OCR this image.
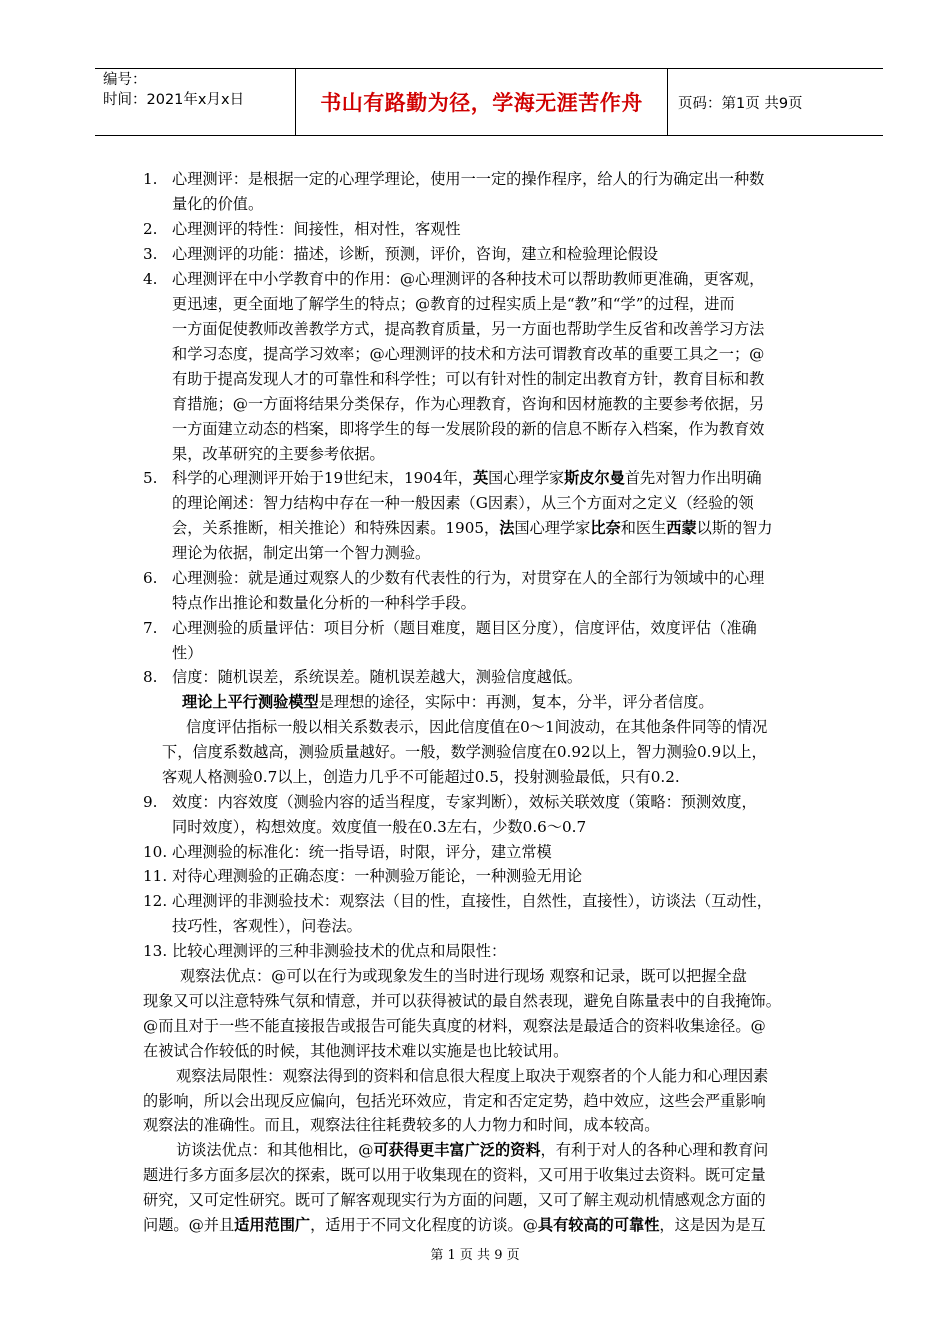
编号：
时间：2021年x月x日	书山有路勤为径，学海无涯苦作舟	页码：第1页 共9页
1. 心理测评：是根据一定的心理学理论，使用一一定的操作程序，给人的行为确定出一种数
量化的价值。
2. 心理测评的特性：间接性，相对性，客观性
3. 心理测评的功能：描述，诊断，预测，评价，咨询，建立和检验理论假设
4. 心理测评在中小学教育中的作用：@心理测评的各种技术可以帮助教师更准确，更客观，
更迅速，更全面地了解学生的特点；@教育的过程实质上是“教”和“学”的过程，进而
一方面促使教师改善教学方式，提高教育质量，另一方面也帮助学生反省和改善学习方法
和学习态度，提高学习效率；@心理测评的技术和方法可谓教育改革的重要工具之一；@
有助于提高发现人才的可靠性和科学性；可以有针对性的制定出教育方针，教育目标和教
育措施；@一方面将结果分类保存，作为心理教育，咨询和因材施教的主要参考依据，另
一方面建立动态的档案，即将学生的每一发展阶段的新的信息不断存入档案，作为教育效
果，改革研究的主要参考依据。
5. 科学的心理测评开始于19世纪末，1904年，英国心理学家斯皮尔曼首先对智力作出明确
的理论阐述：智力结构中存在一种一般因素（G因素），从三个方面对之定义（经验的领
会，关系推断，相关推论）和特殊因素。1905，法国心理学家比奈和医生西蒙以斯的智力
理论为依据，制定出第一个智力测验。
6. 心理测验：就是通过观察人的少数有代表性的行为，对贯穿在人的全部行为领域中的心理
特点作出推论和数量化分析的一种科学手段。
7. 心理测验的质量评估：项目分析（题目难度，题目区分度），信度评估，效度评估（准确
性）
8. 信度：随机误差，系统误差。随机误差越大，测验信度越低。
理论上平行测验模型是理想的途径，实际中：再测，复本，分半，评分者信度。
信度评估指标一般以相关系数表示，因此信度值在0～1间波动，在其他条件同等的情况
下，信度系数越高，测验质量越好。一般，数学测验信度在0.92以上，智力测验0.9以上，
客观人格测验0.7以上，创造力几乎不可能超过0.5，投射测验最低，只有0.2.
9. 效度：内容效度（测验内容的适当程度，专家判断），效标关联效度（策略：预测效度，
同时效度），构想效度。效度值一般在0.3左右，少数0.6～0.7
10. 心理测验的标准化：统一指导语，时限，评分，建立常模
11. 对待心理测验的正确态度：一种测验万能论，一种测验无用论
12. 心理测评的非测验技术：观察法（目的性，直接性，自然性，直接性），访谈法（互动性，
技巧性，客观性），问卷法。
13. 比较心理测评的三种非测验技术的优点和局限性：
观察法优点：@可以在行为或现象发生的当时进行现场 观察和记录，既可以把握全盘
现象又可以注意特殊气氛和情意，并可以获得被试的最自然表现，避免自陈量表中的自我掩饰。
@而且对于一些不能直接报告或报告可能失真度的材料，观察法是最适合的资料收集途径。@
在被试合作较低的时候，其他测评技术难以实施是也比较试用。
观察法局限性：观察法得到的资料和信息很大程度上取决于观察者的个人能力和心理因素
的影响，所以会出现反应偏向，包括光环效应，肯定和否定定势，趋中效应，这些会严重影响
观察法的准确性。而且，观察法往往耗费较多的人力物力和时间，成本较高。
访谈法优点：和其他相比，@可获得更丰富广泛的资料，有利于对人的各种心理和教育问
题进行多方面多层次的探索，既可以用于收集现在的资料，又可用于收集过去资料。既可定量
研究，又可定性研究。既可了解客观现实行为方面的问题，又可了解主观动机情感观念方面的
问题。@并且适用范围广，适用于不同文化程度的访谈。@具有较高的可靠性，这是因为是互
第 1 页 共 9 页
